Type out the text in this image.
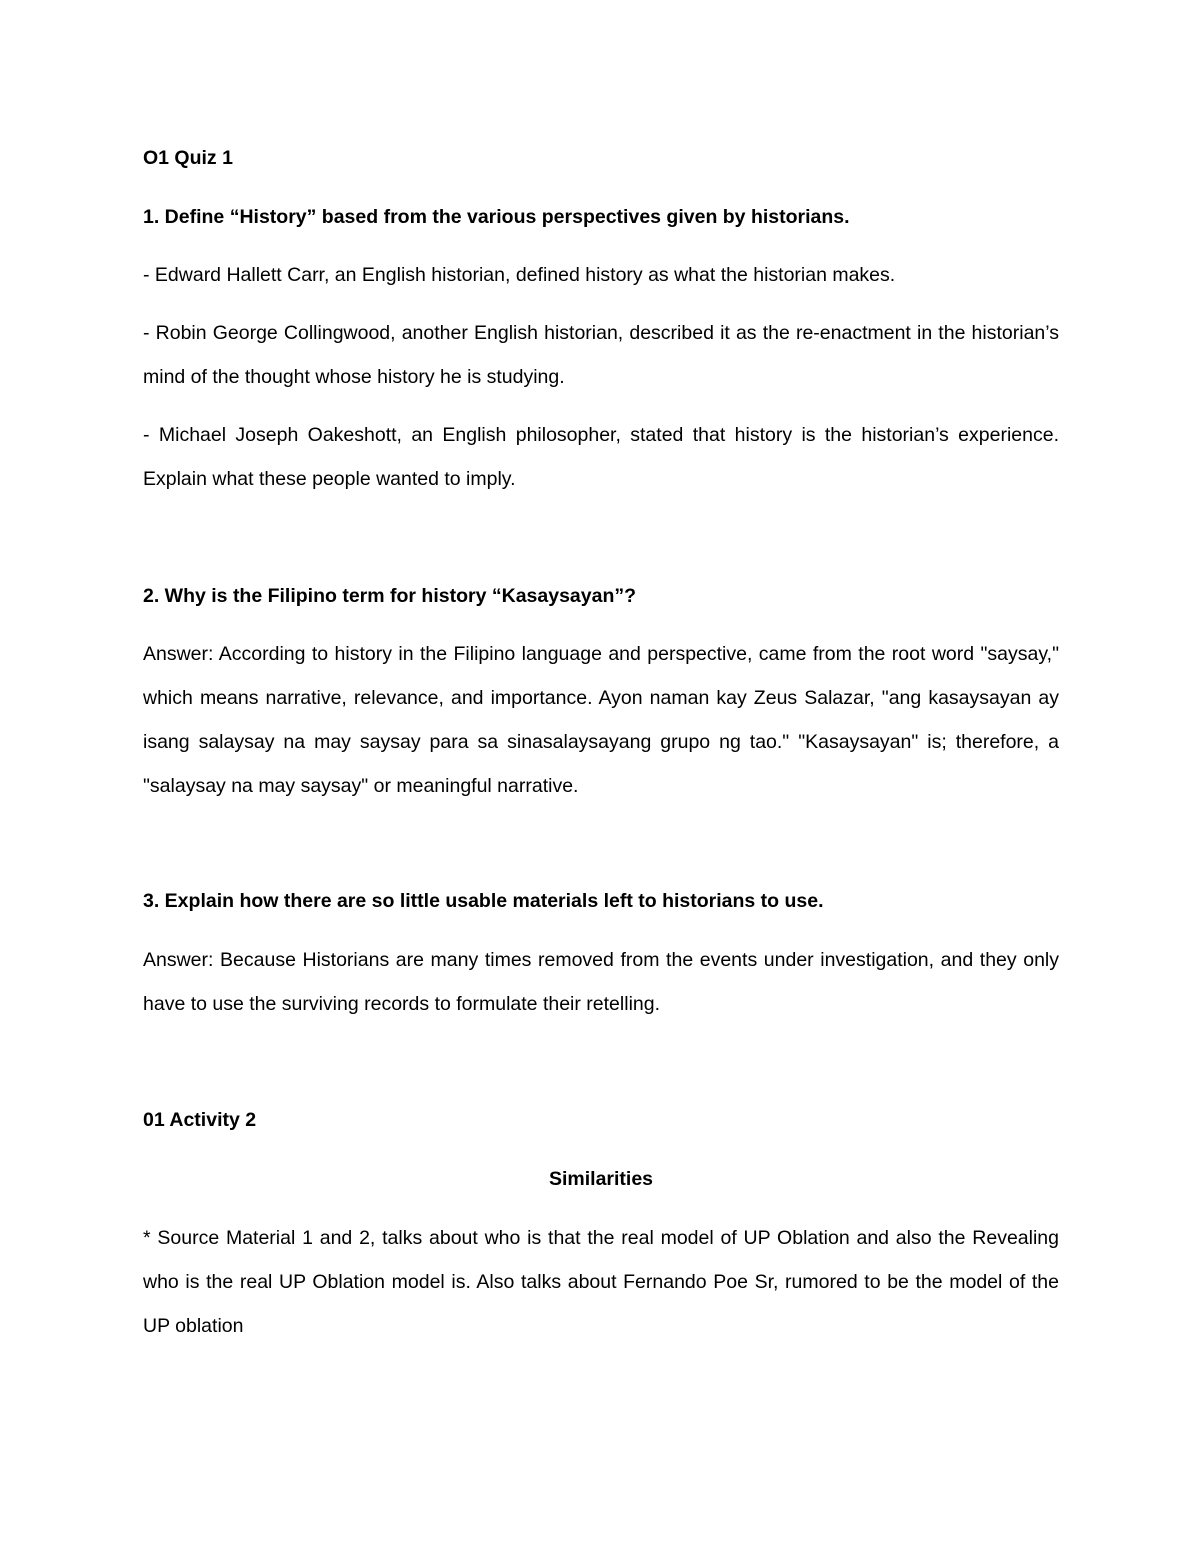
O1 Quiz 1

1. Define “History” based from the various perspectives given by historians.

- Edward Hallett Carr, an English historian, defined history as what the historian makes.

- Robin George Collingwood, another English historian, described it as the re-enactment in the historian’s mind of the thought whose history he is studying.

- Michael Joseph Oakeshott, an English philosopher, stated that history is the historian’s experience. Explain what these people wanted to imply.

2. Why is the Filipino term for history “Kasaysayan”?

Answer: According to history in the Filipino language and perspective, came from the root word "saysay," which means narrative, relevance, and importance. Ayon naman kay Zeus Salazar, "ang kasaysayan ay isang salaysay na may saysay para sa sinasalaysayang grupo ng tao." "Kasaysayan" is; therefore, a "salaysay na may saysay" or meaningful narrative.

3. Explain how there are so little usable materials left to historians to use.

Answer: Because Historians are many times removed from the events under investigation, and they only have to use the surviving records to formulate their retelling.

01 Activity 2

Similarities

* Source Material 1 and 2, talks about who is that the real model of UP Oblation and also the Revealing who is the real UP Oblation model is. Also talks about Fernando Poe Sr, rumored to be the model of the UP oblation
